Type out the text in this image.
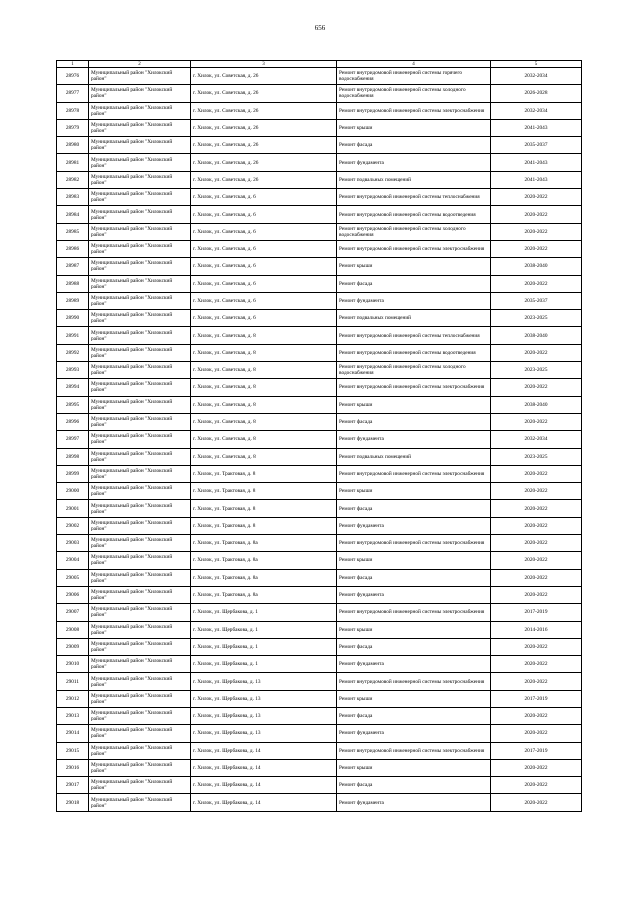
656
1	2	3	4	5
28976	Муниципальный район "Хилокский район"	г. Хилок, ул. Советская, д. 26	Ремонт внутридомовой инженерной системы горячего водоснабжения	2032-2034
28977	Муниципальный район "Хилокский район"	г. Хилок, ул. Советская, д. 26	Ремонт внутридомовой инженерной системы холодного водоснабжения	2026-2028
28978	Муниципальный район "Хилокский район"	г. Хилок, ул. Советская, д. 26	Ремонт внутридомовой инженерной системы электроснабжения	2032-2034
28979	Муниципальный район "Хилокский район"	г. Хилок, ул. Советская, д. 26	Ремонт крыши	2041-2043
28980	Муниципальный район "Хилокский район"	г. Хилок, ул. Советская, д. 26	Ремонт фасада	2035-2037
28981	Муниципальный район "Хилокский район"	г. Хилок, ул. Советская, д. 26	Ремонт фундамента	2041-2043
28982	Муниципальный район "Хилокский район"	г. Хилок, ул. Советская, д. 26	Ремонт подвальных помещений	2041-2043
28983	Муниципальный район "Хилокский район"	г. Хилок, ул. Советская, д. 6	Ремонт внутридомовой инженерной системы теплоснабжения	2020-2022
28984	Муниципальный район "Хилокский район"	г. Хилок, ул. Советская, д. 6	Ремонт внутридомовой инженерной системы водоотведения	2020-2022
28985	Муниципальный район "Хилокский район"	г. Хилок, ул. Советская, д. 6	Ремонт внутридомовой инженерной системы холодного водоснабжения	2020-2022
28986	Муниципальный район "Хилокский район"	г. Хилок, ул. Советская, д. 6	Ремонт внутридомовой инженерной системы электроснабжения	2020-2022
28987	Муниципальный район "Хилокский район"	г. Хилок, ул. Советская, д. 6	Ремонт крыши	2038-2040
28988	Муниципальный район "Хилокский район"	г. Хилок, ул. Советская, д. 6	Ремонт фасада	2020-2022
28989	Муниципальный район "Хилокский район"	г. Хилок, ул. Советская, д. 6	Ремонт фундамента	2035-2037
28990	Муниципальный район "Хилокский район"	г. Хилок, ул. Советская, д. 6	Ремонт подвальных помещений	2023-2025
28991	Муниципальный район "Хилокский район"	г. Хилок, ул. Советская, д. 8	Ремонт внутридомовой инженерной системы теплоснабжения	2038-2040
28992	Муниципальный район "Хилокский район"	г. Хилок, ул. Советская, д. 8	Ремонт внутридомовой инженерной системы водоотведения	2020-2022
28993	Муниципальный район "Хилокский район"	г. Хилок, ул. Советская, д. 8	Ремонт внутридомовой инженерной системы холодного водоснабжения	2023-2025
28994	Муниципальный район "Хилокский район"	г. Хилок, ул. Советская, д. 8	Ремонт внутридомовой инженерной системы электроснабжения	2020-2022
28995	Муниципальный район "Хилокский район"	г. Хилок, ул. Советская, д. 8	Ремонт крыши	2038-2040
28996	Муниципальный район "Хилокский район"	г. Хилок, ул. Советская, д. 8	Ремонт фасада	2020-2022
28997	Муниципальный район "Хилокский район"	г. Хилок, ул. Советская, д. 8	Ремонт фундамента	2032-2034
28998	Муниципальный район "Хилокский район"	г. Хилок, ул. Советская, д. 8	Ремонт подвальных помещений	2023-2025
28999	Муниципальный район "Хилокский район"	г. Хилок, ул. Трактовая, д. 8	Ремонт внутридомовой инженерной системы электроснабжения	2020-2022
29000	Муниципальный район "Хилокский район"	г. Хилок, ул. Трактовая, д. 8	Ремонт крыши	2020-2022
29001	Муниципальный район "Хилокский район"	г. Хилок, ул. Трактовая, д. 8	Ремонт фасада	2020-2022
29002	Муниципальный район "Хилокский район"	г. Хилок, ул. Трактовая, д. 8	Ремонт фундамента	2020-2022
29003	Муниципальный район "Хилокский район"	г. Хилок, ул. Трактовая, д. 8а	Ремонт внутридомовой инженерной системы электроснабжения	2020-2022
29004	Муниципальный район "Хилокский район"	г. Хилок, ул. Трактовая, д. 8а	Ремонт крыши	2020-2022
29005	Муниципальный район "Хилокский район"	г. Хилок, ул. Трактовая, д. 8а	Ремонт фасада	2020-2022
29006	Муниципальный район "Хилокский район"	г. Хилок, ул. Трактовая, д. 8а	Ремонт фундамента	2020-2022
29007	Муниципальный район "Хилокский район"	г. Хилок, ул. Щербакова, д. 1	Ремонт внутридомовой инженерной системы электроснабжения	2017-2019
29008	Муниципальный район "Хилокский район"	г. Хилок, ул. Щербакова, д. 1	Ремонт крыши	2014-2016
29009	Муниципальный район "Хилокский район"	г. Хилок, ул. Щербакова, д. 1	Ремонт фасада	2020-2022
29010	Муниципальный район "Хилокский район"	г. Хилок, ул. Щербакова, д. 1	Ремонт фундамента	2020-2022
29011	Муниципальный район "Хилокский район"	г. Хилок, ул. Щербакова, д. 13	Ремонт внутридомовой инженерной системы электроснабжения	2020-2022
29012	Муниципальный район "Хилокский район"	г. Хилок, ул. Щербакова, д. 13	Ремонт крыши	2017-2019
29013	Муниципальный район "Хилокский район"	г. Хилок, ул. Щербакова, д. 13	Ремонт фасада	2020-2022
29014	Муниципальный район "Хилокский район"	г. Хилок, ул. Щербакова, д. 13	Ремонт фундамента	2020-2022
29015	Муниципальный район "Хилокский район"	г. Хилок, ул. Щербакова, д. 14	Ремонт внутридомовой инженерной системы электроснабжения	2017-2019
29016	Муниципальный район "Хилокский район"	г. Хилок, ул. Щербакова, д. 14	Ремонт крыши	2020-2022
29017	Муниципальный район "Хилокский район"	г. Хилок, ул. Щербакова, д. 14	Ремонт фасада	2020-2022
29018	Муниципальный район "Хилокский район"	г. Хилок, ул. Щербакова, д. 14	Ремонт фундамента	2020-2022
